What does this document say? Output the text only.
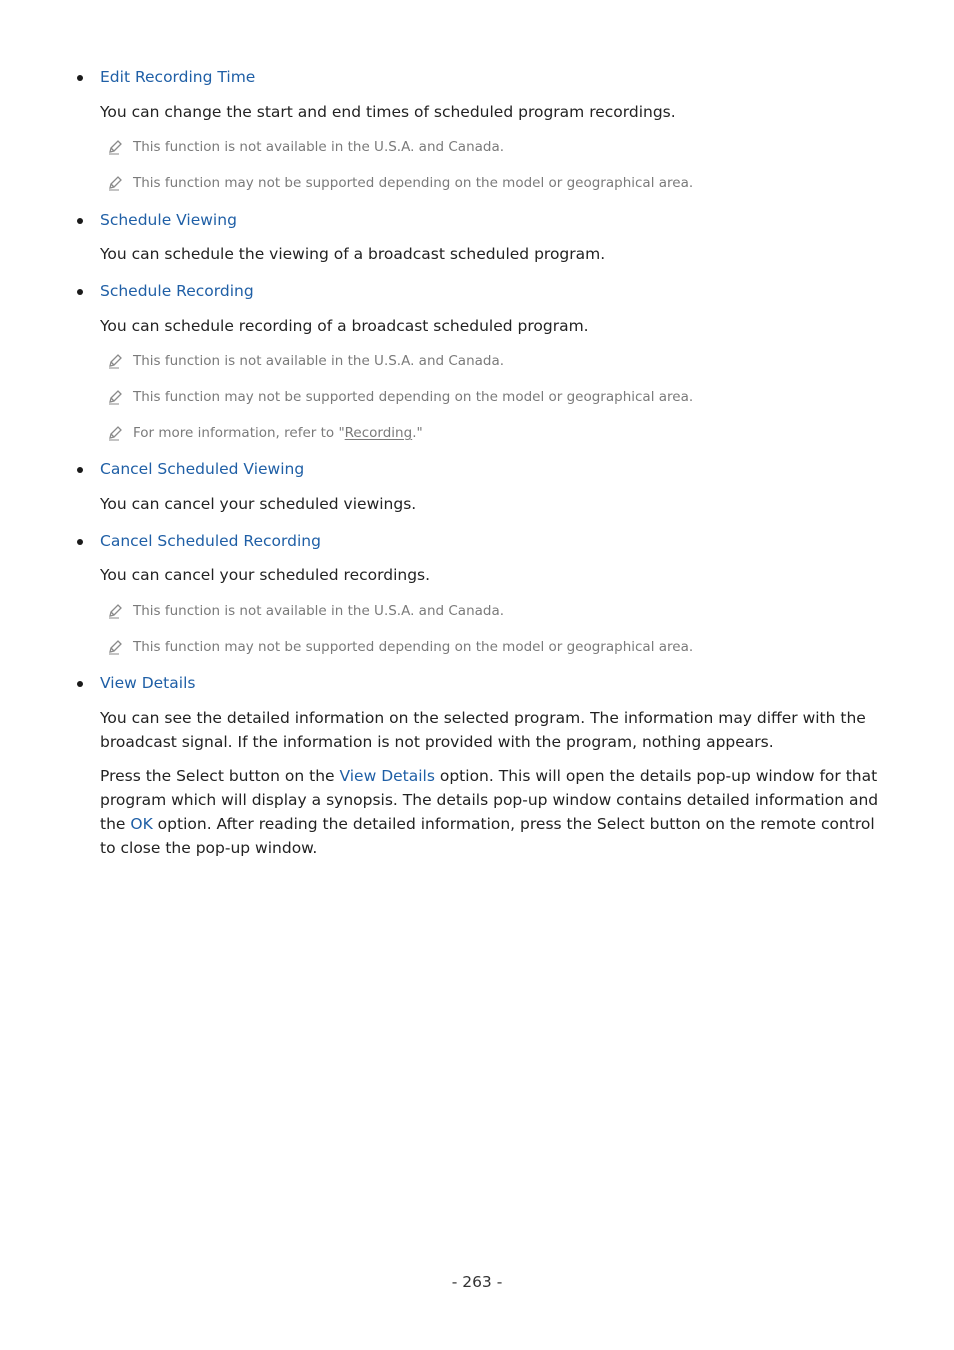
Edit Recording Time
You can change the start and end times of scheduled program recordings.
This function is not available in the U.S.A. and Canada.
This function may not be supported depending on the model or geographical area.
Schedule Viewing
You can schedule the viewing of a broadcast scheduled program.
Schedule Recording
You can schedule recording of a broadcast scheduled program.
This function is not available in the U.S.A. and Canada.
This function may not be supported depending on the model or geographical area.
For more information, refer to "Recording."
Cancel Scheduled Viewing
You can cancel your scheduled viewings.
Cancel Scheduled Recording
You can cancel your scheduled recordings.
This function is not available in the U.S.A. and Canada.
This function may not be supported depending on the model or geographical area.
View Details
You can see the detailed information on the selected program. The information may differ with the broadcast signal. If the information is not provided with the program, nothing appears.
Press the Select button on the View Details option. This will open the details pop-up window for that program which will display a synopsis. The details pop-up window contains detailed information and the OK option. After reading the detailed information, press the Select button on the remote control to close the pop-up window.
- 263 -
